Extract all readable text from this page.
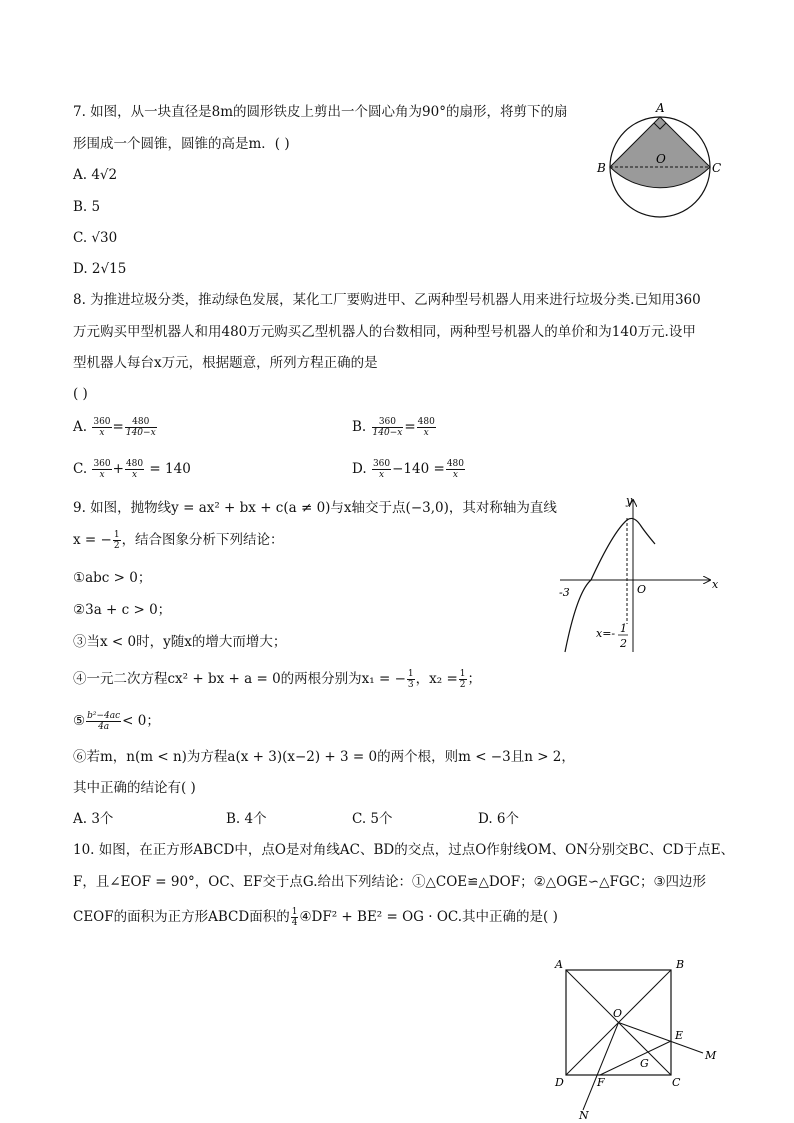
7. 如图，从一块直径是8m的圆形铁皮上剪出一个圆心角为90°的扇形，将剪下的扇
形围成一个圆锥，圆锥的高是m．( )
A. 4√2
B. 5
C. √30
D. 2√15
A
B	C
O
8. 为推进垃圾分类，推动绿色发展，某化工厂要购进甲、乙两种型号机器人用来进行垃圾分类.已知用360
万元购买甲型机器人和用480万元购买乙型机器人的台数相同，两种型号机器人的单价和为140万元.设甲
型机器人每台x万元，根据题意，所列方程正确的是
( )
A. $\frac{360}{x} = \frac{480}{140-x}$	B. $\frac{360}{140-x} = \frac{480}{x}$
C. $\frac{360}{x} + \frac{480}{x} = 140$	D. $\frac{360}{x} -140 = \frac{480}{x}$
9. 如图，抛物线y = ax² + bx + c(a ≠ 0)与x轴交于点(−3,0)，其对称轴为直线
x = − $\frac{1}{2}$ ，结合图象分析下列结论：
①abc > 0；
②3a + c > 0；
③当x < 0时，y随x的增大而增大；
④一元二次方程cx² + bx + a = 0的两根分别为x₁ = − $\frac{1}{3}$ ，$x_2 = \frac{1}{2}$ ；
⑤ $\frac{\text{b²−4ac}}{4a} < 0$；
⑥若m，n(m < n)为方程a(x + 3)(x−2) + 3 = 0的两个根，则m < −3且n > 2，
其中正确的结论有( )
A. 3个	B. 4个	C. 5个	D. 6个
y
x
O
-3
x=- 1
2
10. 如图，在正方形ABCD中，点O是对角线AC、BD的交点，过点O作射线OM、ON分别交BC、CD于点E、
F，且∠EOF = 90°，OC、EF交于点G.给出下列结论：①△COE≌△DOF；②△OGE∽△FGC；③四边形
CEOF的面积为正方形ABCD面积的 $\frac{1}{4}$ ④DF² + BE² = OG · OC.其中正确的是( )
A	B
C
D
O
E
F
G
M
N
